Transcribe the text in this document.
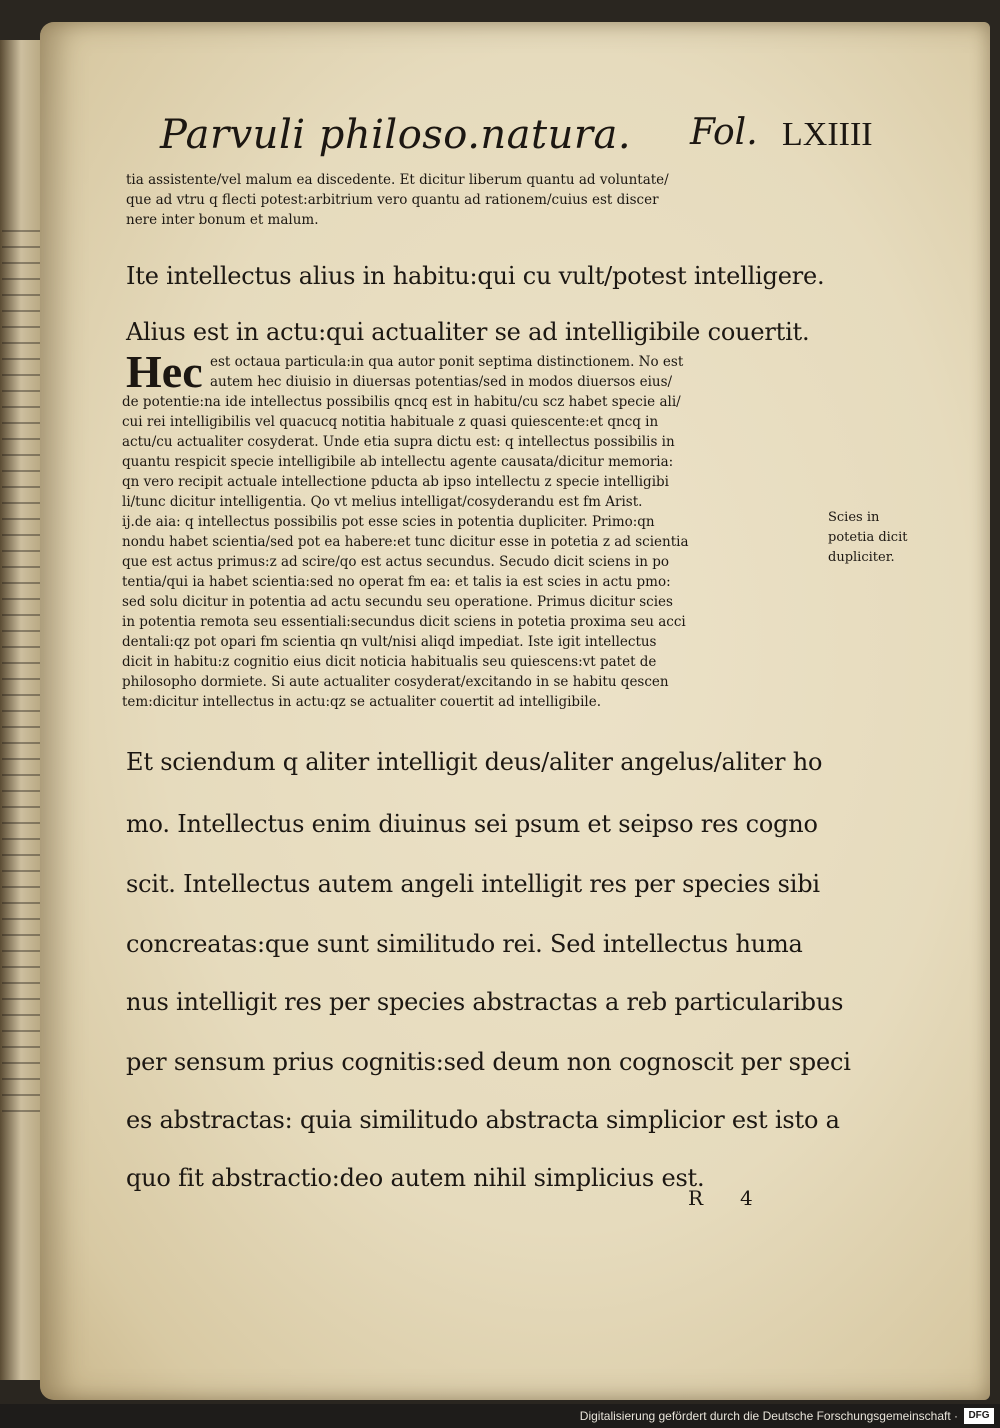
Parvuli philoso.natura. Fol. LXIIII
tia assistente/vel malum ea discedente. Et dicitur liberum quantu ad voluntate/
que ad vtru q flecti potest:arbitrium vero quantu ad rationem/cuius est discer
nere inter bonum et malum.
Ite intellectus alius in habitu:qui cu vult/potest intelligere.
Alius est in actu:qui actualiter se ad intelligibile couertit.
Hec est octaua particula:in qua autor ponit septima distinctionem. No est
autem hec diuisio in diuersas potentias/sed in modos diuersos eius/
de potentie:na ide intellectus possibilis qncq est in habitu/cu scz habet specie ali/
cui rei intelligibilis vel quacucq notitia habituale z quasi quiescente:et qncq in
actu/cu actualiter cosyderat. Unde etia supra dictu est: q intellectus possibilis in
quantu respicit specie intelligibile ab intellectu agente causata/dicitur memoria:
qn vero recipit actuale intellectione pducta ab ipso intellectu z specie intelligibi
li/tunc dicitur intelligentia. Qo vt melius intelligat/cosyderandu est fm Arist.
ij.de aia: q intellectus possibilis pot esse scies in potentia dupliciter. Primo:qn
nondu habet scientia/sed pot ea habere:et tunc dicitur esse in potetia z ad scientia
que est actus primus:z ad scire/qo est actus secundus. Secudo dicit sciens in po
tentia/qui ia habet scientia:sed no operat fm ea: et talis ia est scies in actu pmo:
sed solu dicitur in potentia ad actu secundu seu operatione. Primus dicitur scies
in potentia remota seu essentiali:secundus dicit sciens in potetia proxima seu acci
dentali:qz pot opari fm scientia qn vult/nisi aliqd impediat. Iste igit intellectus
dicit in habitu:z cognitio eius dicit noticia habitualis seu quiescens:vt patet de
philosopho dormiete. Si aute actualiter cosyderat/excitando in se habitu qescen
tem:dicitur intellectus in actu:qz se actualiter couertit ad intelligibile.
Scies in potetia dicit dupliciter.
Et sciendum q aliter intelligit deus/aliter angelus/aliter ho
mo. Intellectus enim diuinus sei psum et seipso res cogno
scit. Intellectus autem angeli intelligit res per species sibi
concreatas:que sunt similitudo rei. Sed intellectus huma
nus intelligit res per species abstractas a reb particularibus
per sensum prius cognitis:sed deum non cognoscit per speci
es abstractas: quia similitudo abstracta simplicior est isto a
quo fit abstractio:deo autem nihil simplicius est.
R 4
Digitalisierung gefördert durch die Deutsche Forschungsgemeinschaft ·	DFG
